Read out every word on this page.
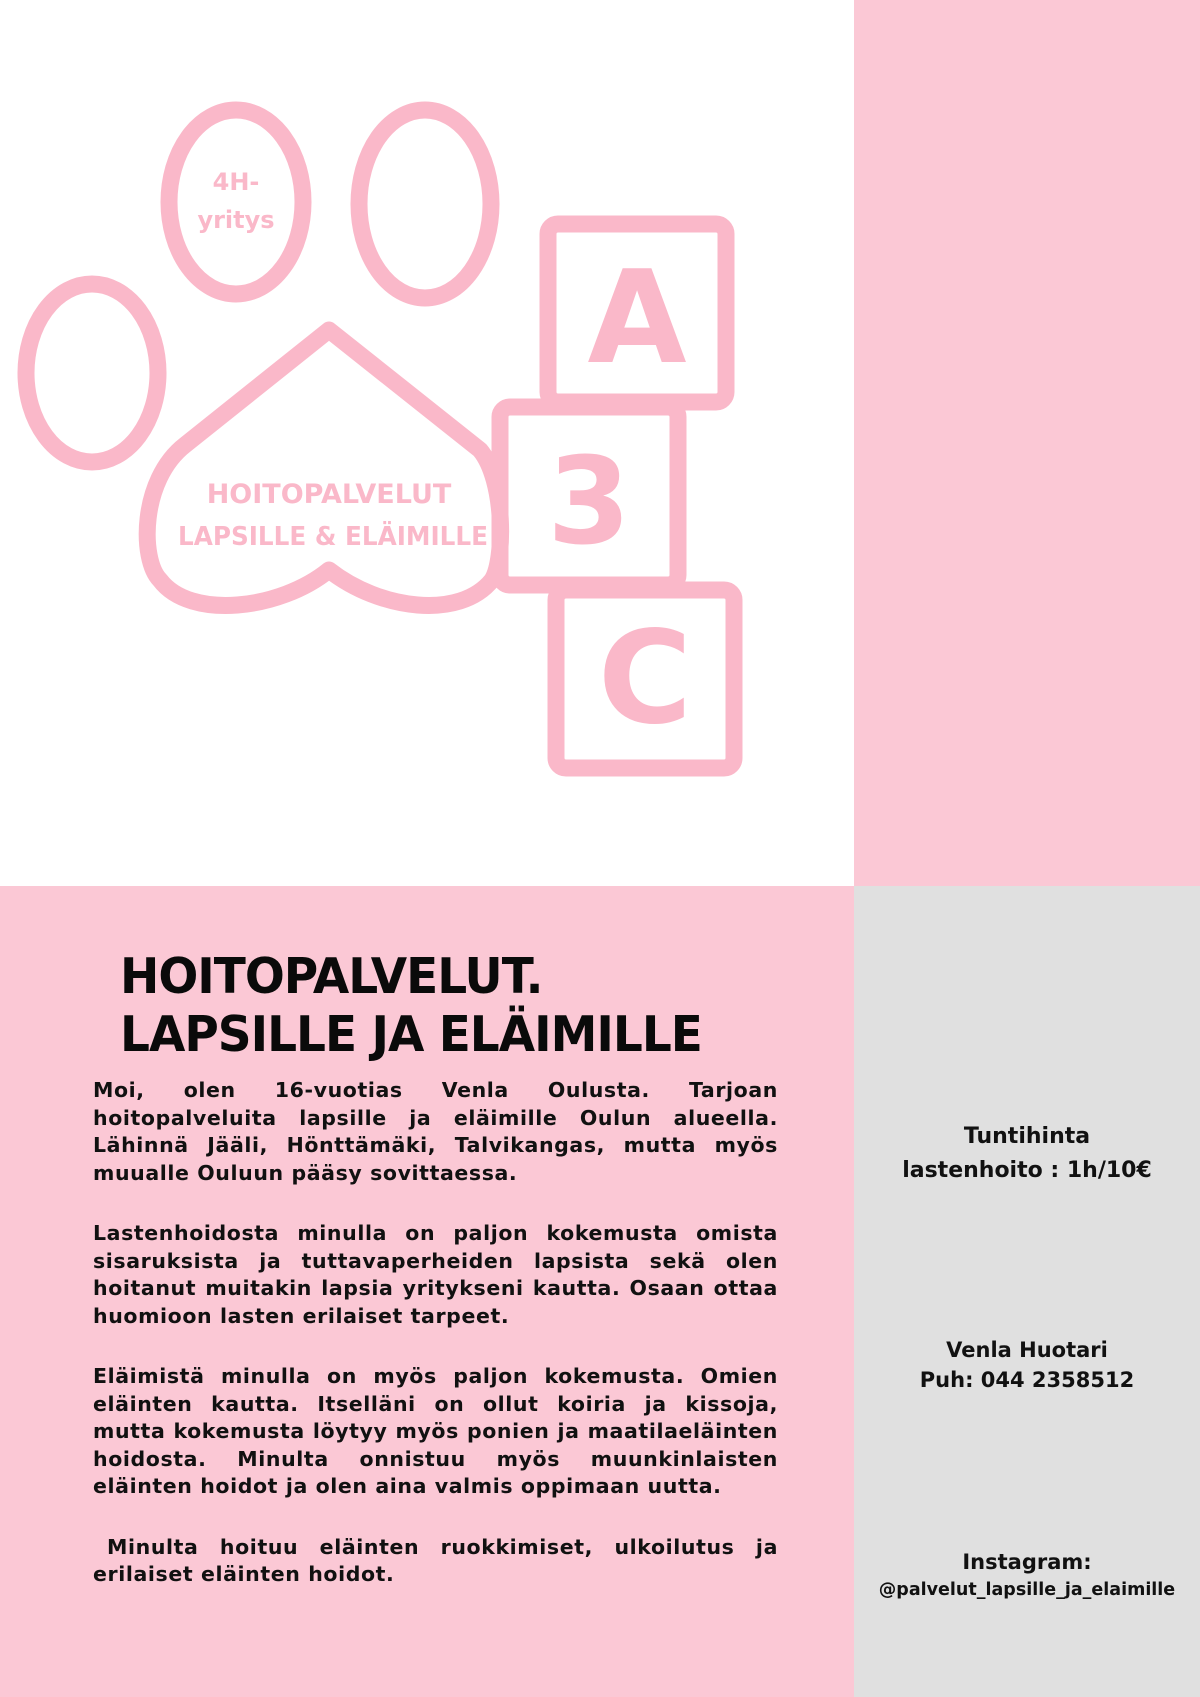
4H-
yritys
HOITOPALVELUT
LAPSILLE & ELÄIMILLE
A
3
C
HOITOPALVELUT.
LAPSILLE JA ELÄIMILLE

Moi, olen 16-vuotias Venla Oulusta. Tarjoan hoitopalveluita lapsille ja eläimille Oulun alueella. Lähinnä Jääli, Hönttämäki, Talvikangas, mutta myös muualle Ouluun pääsy sovittaessa.

Lastenhoidosta minulla on paljon kokemusta omista sisaruksista ja tuttavaperheiden lapsista sekä olen hoitanut muitakin lapsia yritykseni kautta. Osaan ottaa huomioon lasten erilaiset tarpeet.

Eläimistä minulla on myös paljon kokemusta. Omien eläinten kautta. Itselläni on ollut koiria ja kissoja, mutta kokemusta löytyy myös ponien ja maatilaeläinten hoidosta. Minulta onnistuu myös muunkinlaisten eläinten hoidot ja olen aina valmis oppimaan uutta.

Minulta hoituu eläinten ruokkimiset, ulkoilutus ja erilaiset eläinten hoidot.

Tuntihinta
lastenhoito : 1h/10€
Venla Huotari
Puh: 044 2358512
Instagram:
@palvelut_lapsille_ja_elaimille
